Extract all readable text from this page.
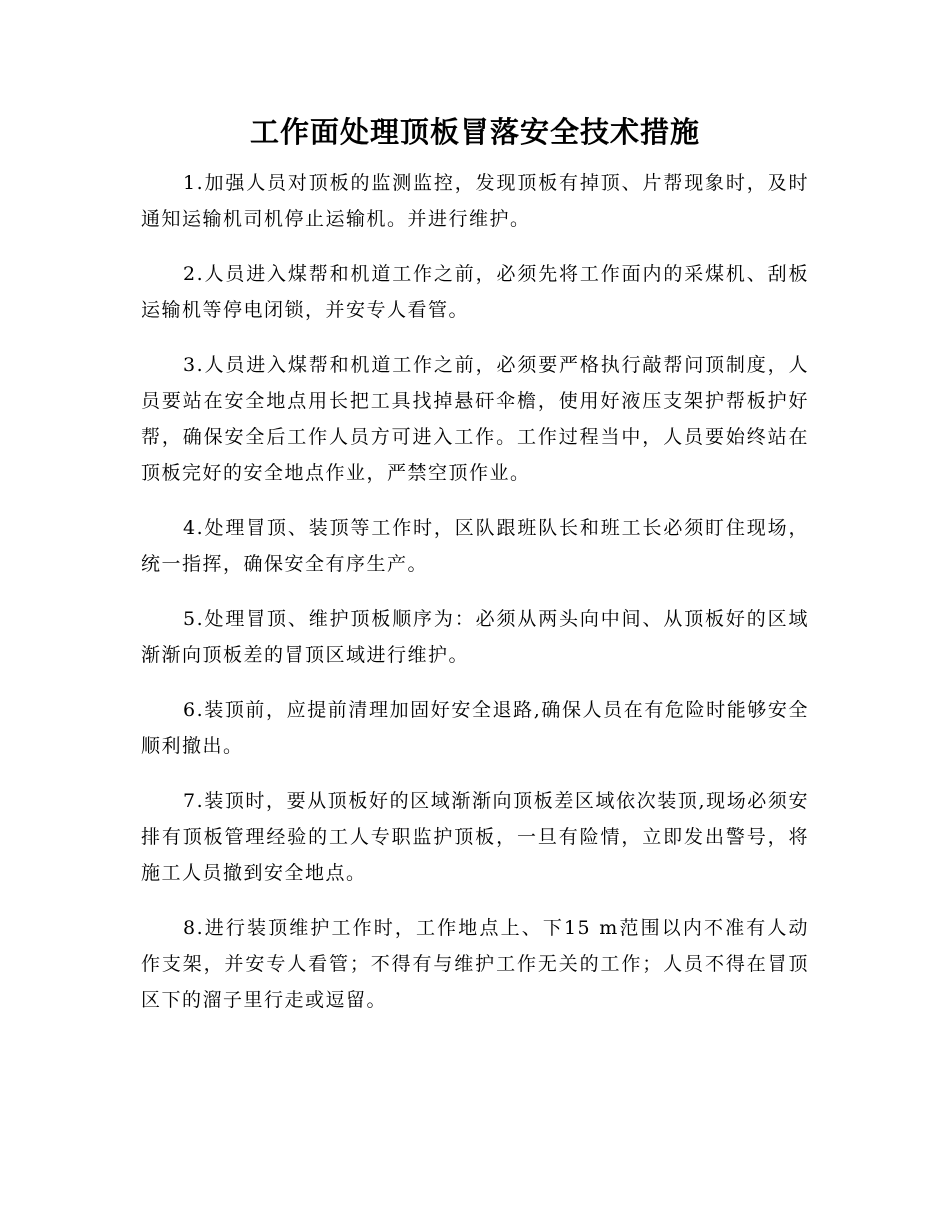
工作面处理顶板冒落安全技术措施

1.加强人员对顶板的监测监控，发现顶板有掉顶、片帮现象时，及时通知运输机司机停止运输机。并进行维护。

2.人员进入煤帮和机道工作之前，必须先将工作面内的采煤机、刮板运输机等停电闭锁，并安专人看管。

3.人员进入煤帮和机道工作之前，必须要严格执行敲帮问顶制度，人员要站在安全地点用长把工具找掉悬矸伞檐，使用好液压支架护帮板护好帮，确保安全后工作人员方可进入工作。工作过程当中，人员要始终站在顶板完好的安全地点作业，严禁空顶作业。

4.处理冒顶、装顶等工作时，区队跟班队长和班工长必须盯住现场，统一指挥，确保安全有序生产。

5.处理冒顶、维护顶板顺序为：必须从两头向中间、从顶板好的区域渐渐向顶板差的冒顶区域进行维护。

6.装顶前，应提前清理加固好安全退路,确保人员在有危险时能够安全顺利撤出。

7.装顶时，要从顶板好的区域渐渐向顶板差区域依次装顶,现场必须安排有顶板管理经验的工人专职监护顶板，一旦有险情，立即发出警号，将施工人员撤到安全地点。

8.进行装顶维护工作时，工作地点上、下15 m范围以内不准有人动作支架，并安专人看管；不得有与维护工作无关的工作；人员不得在冒顶区下的溜子里行走或逗留。
